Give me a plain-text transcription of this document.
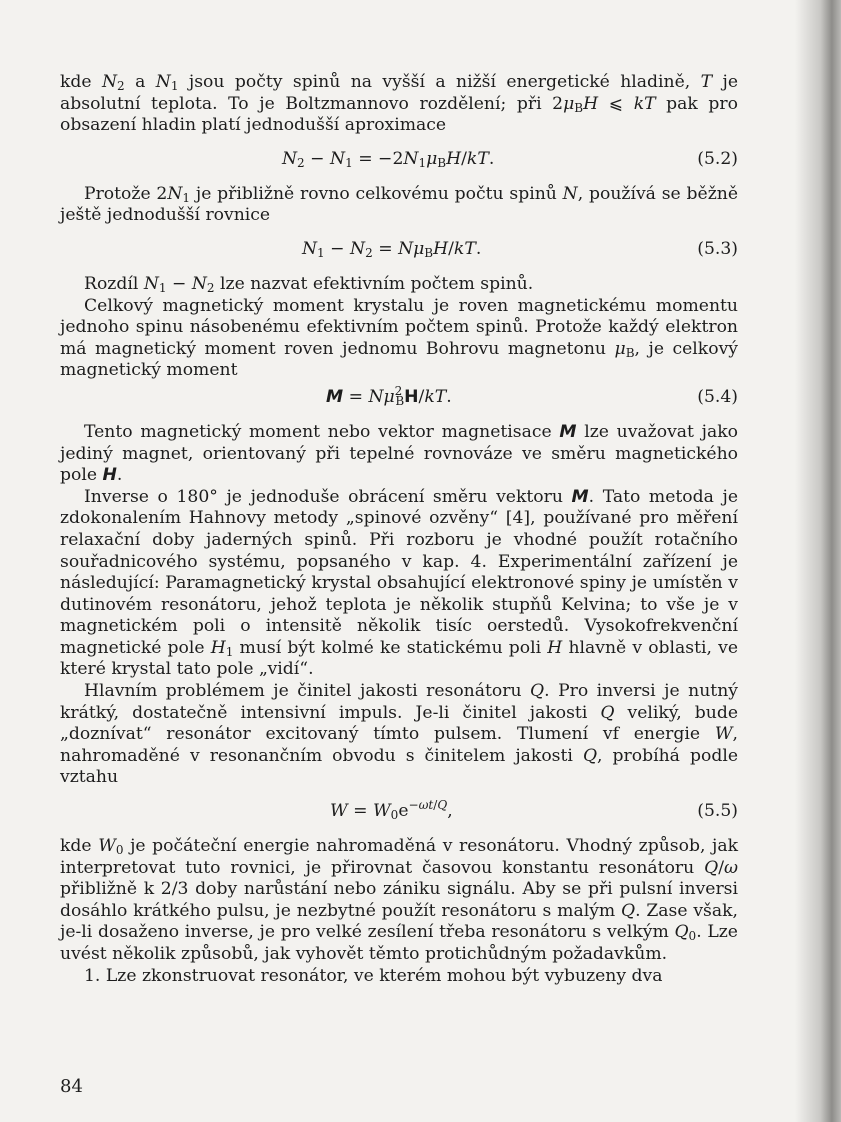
kde $N_2$ a $N_1$ jsou počty spinů na vyšší a nižší energetické hladině, T je absolutní teplota. To je Boltzmannovo rozdělení; při $2\mu_BH$ ⩽ kT pak pro obsazení hladin platí jednodušší aproximace

$N_2 - N_1 = -2N_1\mu_BH/kT$.	(5.2)

Protože $2N_1$ je přibližně rovno celkovému počtu spinů N, používá se běžně ještě jednodušší rovnice

$N_1 - N_2 = N\mu_BH/kT$.	(5.3)

Rozdíl $N_1 - N_2$ lze nazvat efektivním počtem spinů.

Celkový magnetický moment krystalu je roven magnetickému momentu jednoho spinu násobenému efektivním počtem spinů. Protože každý elektron má magnetický moment roven jednomu Bohrovu magnetonu $\mu_B$, je celkový magnetický moment

$M = N\mu^2_BH/kT$.	(5.4)

Tento magnetický moment nebo vektor magnetisace M lze uvažovat jako jediný magnet, orientovaný při tepelné rovnováze ve směru magnetického pole H.

Inverse o 180° je jednoduše obrácení směru vektoru M. Tato metoda je zdokonalením Hahnovy metody „spinové ozvěny“ [4], používané pro měření relaxační doby jaderných spinů. Při rozboru je vhodné použít rotačního souřadnicového systému, popsaného v kap. 4. Experimentální zařízení je následující: Paramagnetický krystal obsahující elektronové spiny je umístěn v dutinovém resonátoru, jehož teplota je několik stupňů Kelvina; to vše je v magnetickém poli o intensitě několik tisíc oerstedů. Vysokofrekvenční magnetické pole $H_1$ musí být kolmé ke statickému poli H hlavně v oblasti, ve které krystal tato pole „vidí“.

Hlavním problémem je činitel jakosti resonátoru Q. Pro inversi je nutný krátký, dostatečně intensivní impuls. Je-li činitel jakosti Q veliký, bude „doznívat“ resonátor excitovaný tímto pulsem. Tlumení vf energie W, nahromaděné v resonančním obvodu s činitelem jakosti Q, probíhá podle vztahu

$W = W_0e^{-\omega t/Q}$,	(5.5)

kde $W_0$ je počáteční energie nahromaděná v resonátoru. Vhodný způsob, jak interpretovat tuto rovnici, je přirovnat časovou konstantu resonátoru Q/ω přibližně k 2/3 doby narůstání nebo zániku signálu. Aby se při pulsní inversi dosáhlo krátkého pulsu, je nezbytné použít resonátoru s malým Q. Zase však, je-li dosaženo inverse, je pro velké zesílení třeba resonátoru s velkým $Q_0$. Lze uvést několik způsobů, jak vyhovět těmto protichůdným požadavkům.

1. Lze zkonstruovat resonátor, ve kterém mohou být vybuzeny dva

84
